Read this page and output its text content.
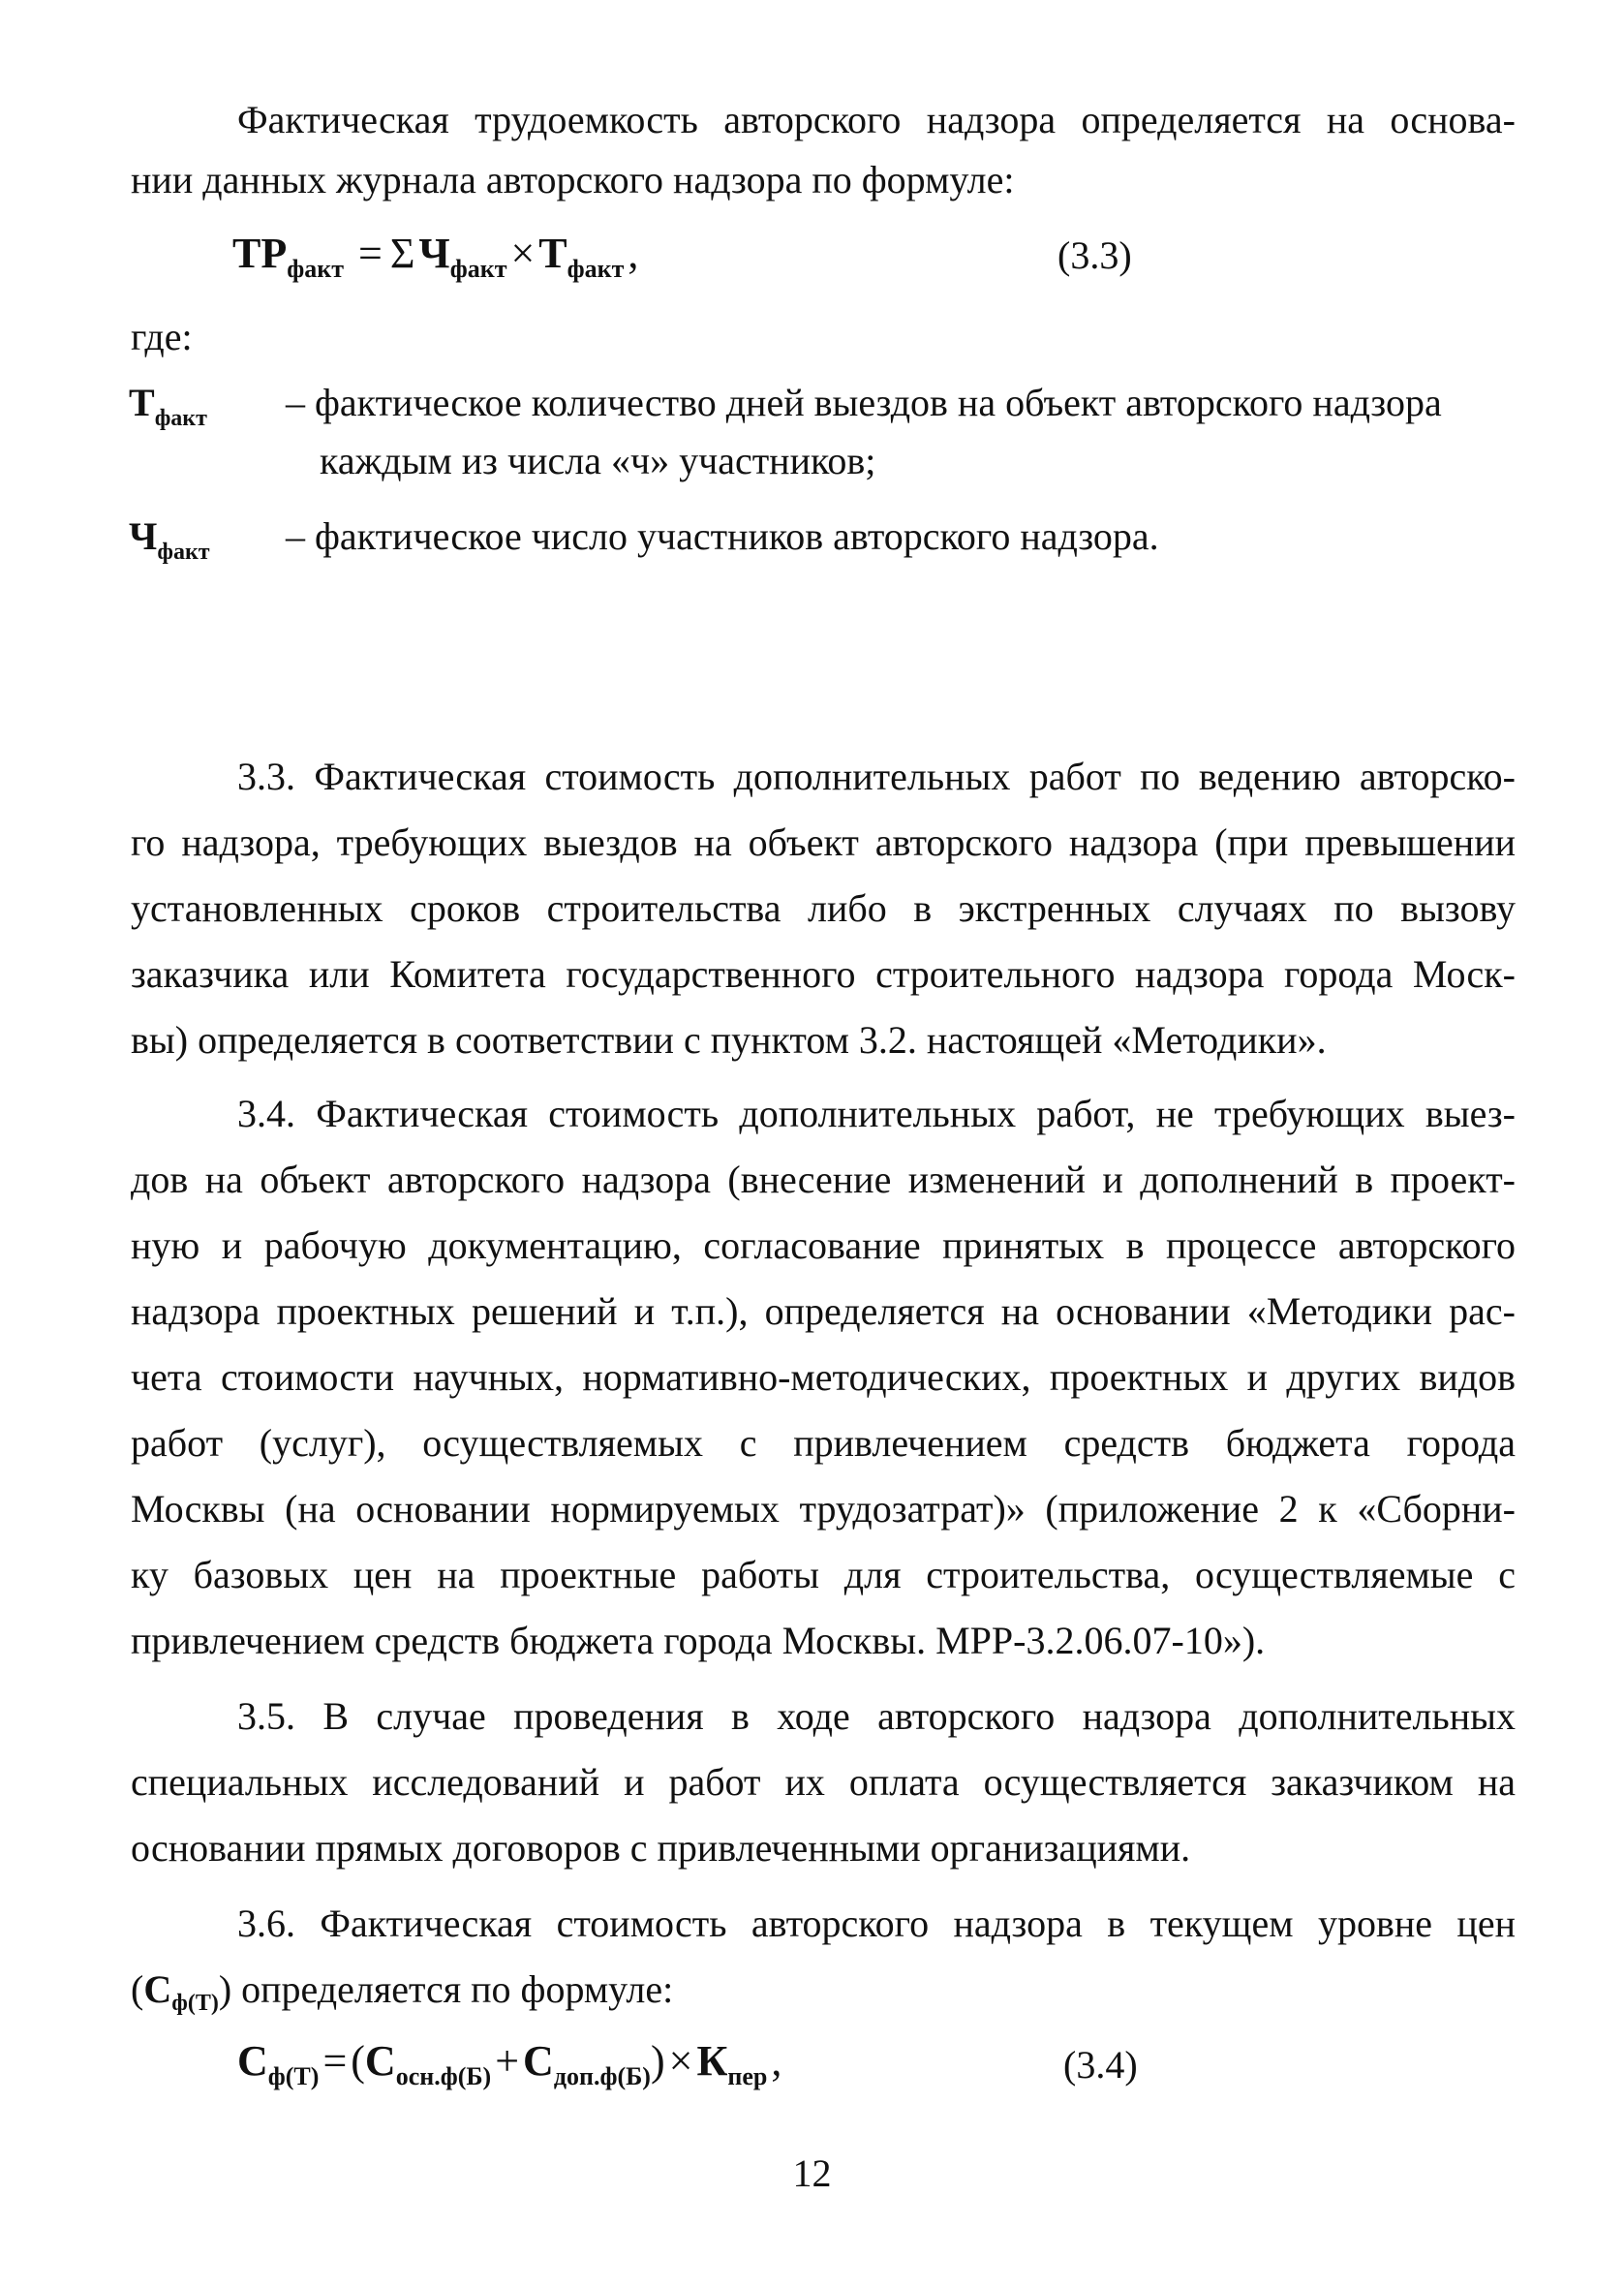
Фактическая трудоемкость авторского надзора определяется на основа-
нии данных журнала авторского надзора по формуле:
$ТР_{факт} = \Sigma Ч_{факт}\times Т_{факт}$,	(3.3)
где:
$Т_{факт}$ – фактическое количество дней выездов на объект авторского надзора
каждым из числа «ч» участников;
$Ч_{факт}$ – фактическое число участников авторского надзора.
3.3. Фактическая стоимость дополнительных работ по ведению авторско-
го надзора, требующих выездов на объект авторского надзора (при превышении
установленных сроков строительства либо в экстренных случаях по вызову
заказчика или Комитета государственного строительного надзора города Моск-
вы) определяется в соответствии с пунктом 3.2. настоящей «Методики».
3.4. Фактическая стоимость дополнительных работ, не требующих выез-
дов на объект авторского надзора (внесение изменений и дополнений в проект-
ную и рабочую документацию, согласование принятых в процессе авторского
надзора проектных решений и т.п.), определяется на основании «Методики рас-
чета стоимости научных, нормативно-методических, проектных и других видов
работ (услуг), осуществляемых с привлечением средств бюджета города
Москвы (на основании нормируемых трудозатрат)» (приложение 2 к «Сборни-
ку базовых цен на проектные работы для строительства, осуществляемые с
привлечением средств бюджета города Москвы. МРР-3.2.06.07-10»).
3.5. В случае проведения в ходе авторского надзора дополнительных
специальных исследований и работ их оплата осуществляется заказчиком на
основании прямых договоров с привлеченными организациями.
3.6. Фактическая стоимость авторского надзора в текущем уровне цен
$(С_{ф(Т)})$ определяется по формуле:
$С_{ф(Т)}=(С_{осн.ф(Б)}+С_{доп.ф(Б)})\times К_{пер}$,	(3.4)
12
